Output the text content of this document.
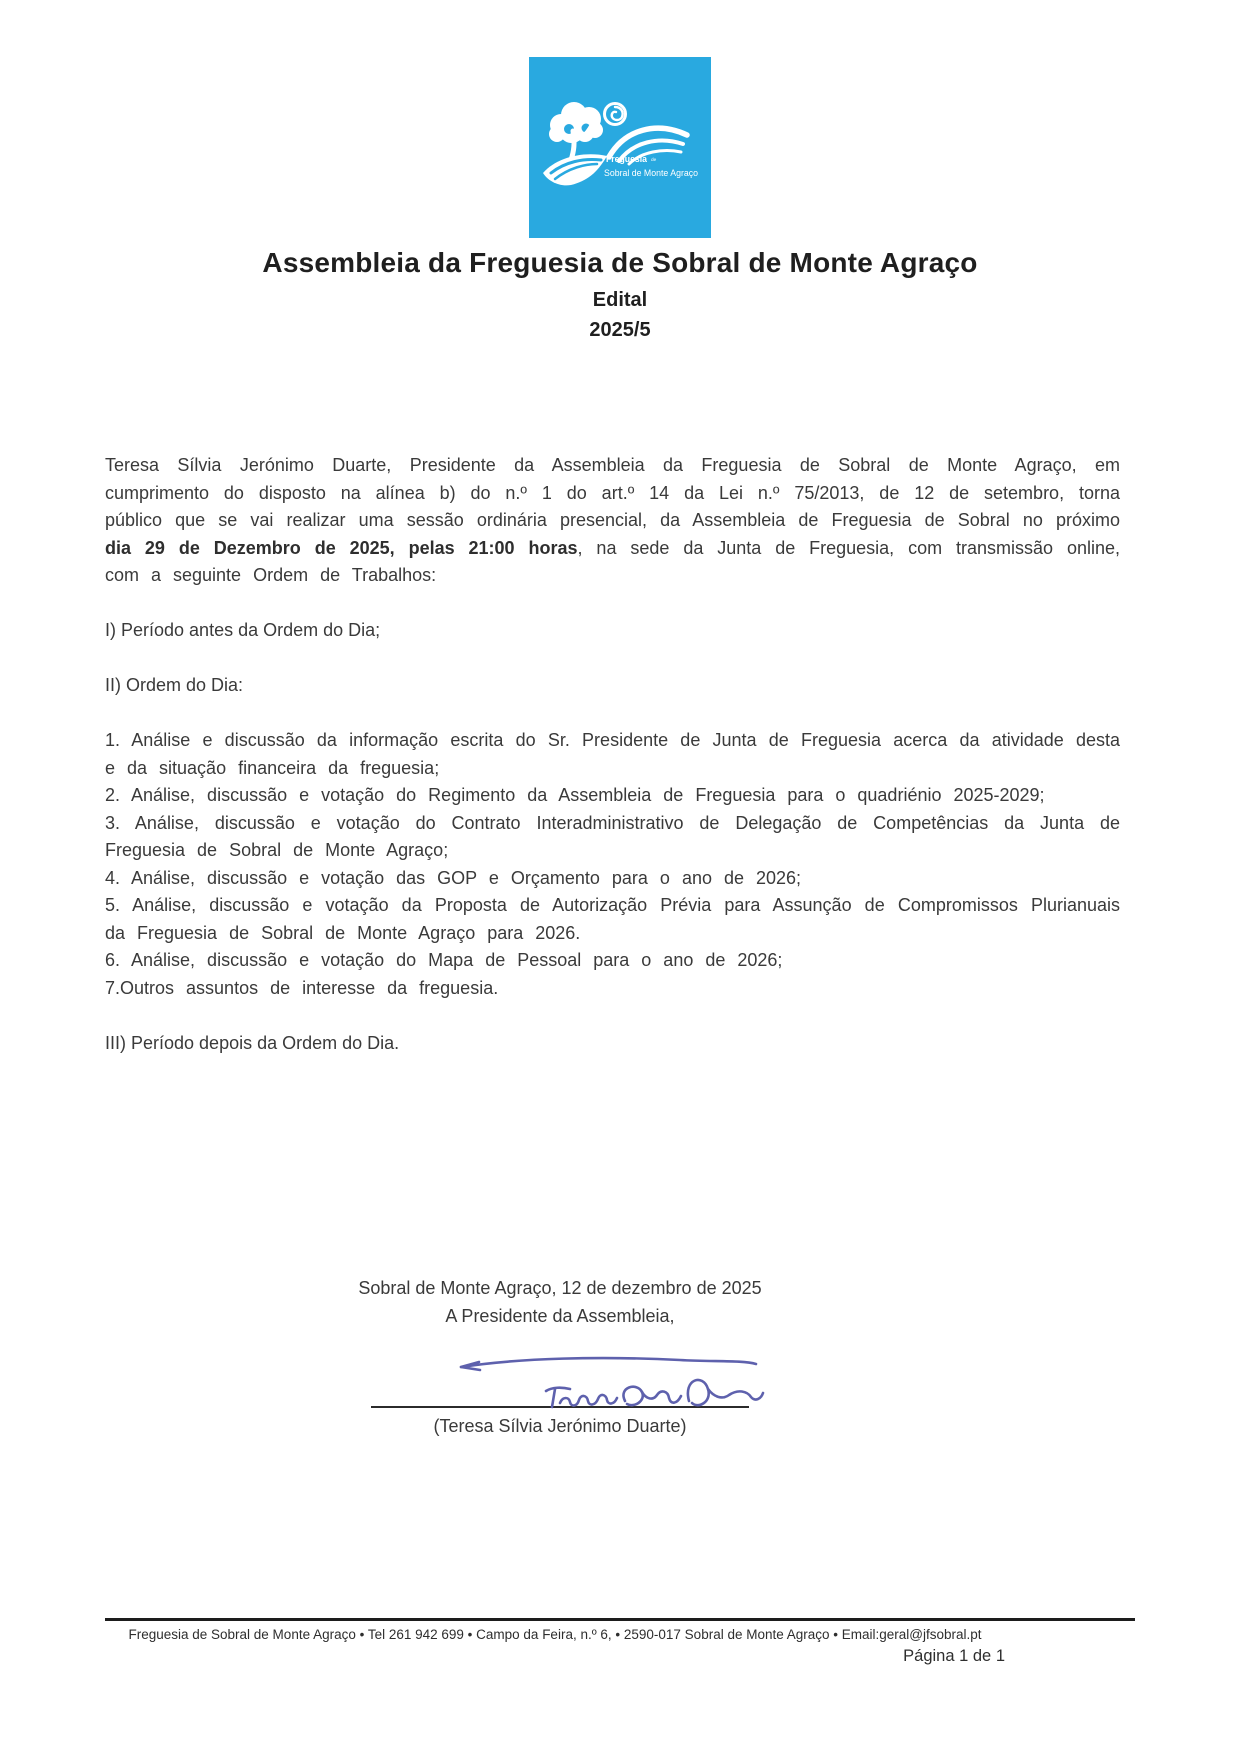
Freguesia de
Sobral de Monte Agraço
Assembleia da Freguesia de Sobral de Monte Agraço
Edital
2025/5

Teresa Sílvia Jerónimo Duarte, Presidente da Assembleia da Freguesia de Sobral de Monte Agraço, em cumprimento do disposto na alínea b) do n.º 1 do art.º 14 da Lei n.º 75/2013, de 12 de setembro, torna público que se vai realizar uma sessão ordinária presencial, da Assembleia de Freguesia de Sobral no próximo dia 29 de Dezembro de 2025, pelas 21:00 horas, na sede da Junta de Freguesia, com transmissão online, com a seguinte Ordem de Trabalhos:

I) Período antes da Ordem do Dia;

II) Ordem do Dia:

1. Análise e discussão da informação escrita do Sr. Presidente de Junta de Freguesia acerca da atividade desta e da situação financeira da freguesia;

2. Análise, discussão e votação do Regimento da Assembleia de Freguesia para o quadriénio 2025-2029;

3. Análise, discussão e votação do Contrato Interadministrativo de Delegação de Competências da Junta de Freguesia de Sobral de Monte Agraço;

4. Análise, discussão e votação das GOP e Orçamento para o ano de 2026;

5. Análise, discussão e votação da Proposta de Autorização Prévia para Assunção de Compromissos Plurianuais da Freguesia de Sobral de Monte Agraço para 2026.

6. Análise, discussão e votação do Mapa de Pessoal para o ano de 2026;

7.Outros assuntos de interesse da freguesia.

III) Período depois da Ordem do Dia.

Sobral de Monte Agraço, 12 de dezembro de 2025

A Presidente da Assembleia,

(Teresa Sílvia Jerónimo Duarte)

Freguesia de Sobral de Monte Agraço • Tel 261 942 699 • Campo da Feira, n.º 6, • 2590-017 Sobral de Monte Agraço • Email:geral@jfsobral.pt

Página 1 de 1
